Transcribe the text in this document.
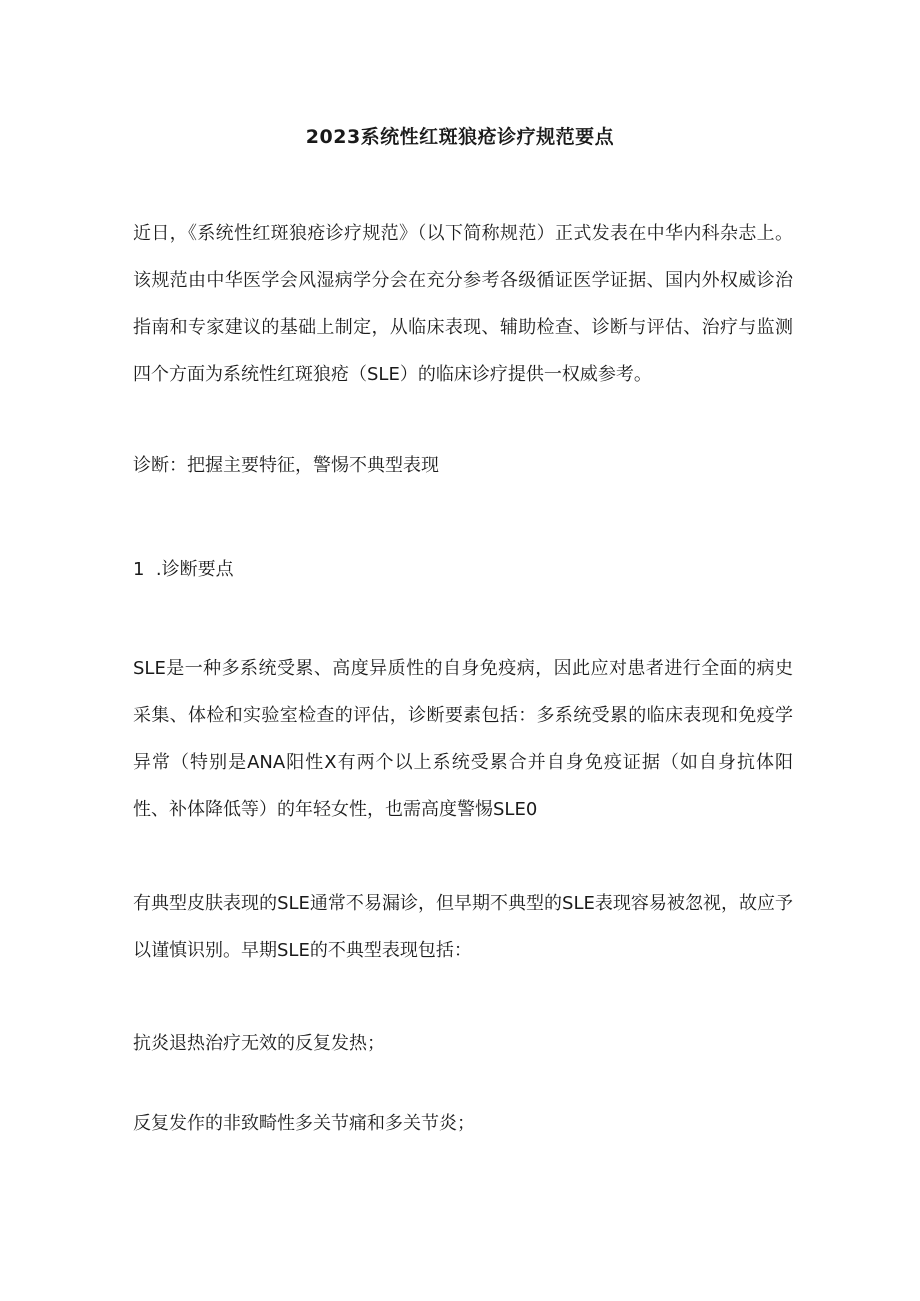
2023系统性红斑狼疮诊疗规范要点

近日，《系统性红斑狼疮诊疗规范》（以下简称规范）正式发表在中华内科杂志上。该规范由中华医学会风湿病学分会在充分参考各级循证医学证据、国内外权威诊治指南和专家建议的基础上制定，从临床表现、辅助检查、诊断与评估、治疗与监测四个方面为系统性红斑狼疮（SLE）的临床诊疗提供一权威参考。

诊断：把握主要特征，警惕不典型表现

1  .诊断要点

SLE是一种多系统受累、高度异质性的自身免疫病，因此应对患者进行全面的病史采集、体检和实验室检查的评估，诊断要素包括：多系统受累的临床表现和免疫学异常（特别是ANA阳性X有两个以上系统受累合并自身免疫证据（如自身抗体阳性、补体降低等）的年轻女性，也需高度警惕SLE0

有典型皮肤表现的SLE通常不易漏诊，但早期不典型的SLE表现容易被忽视，故应予以谨慎识别。早期SLE的不典型表现包括：

抗炎退热治疗无效的反复发热；

反复发作的非致畸性多关节痛和多关节炎；
